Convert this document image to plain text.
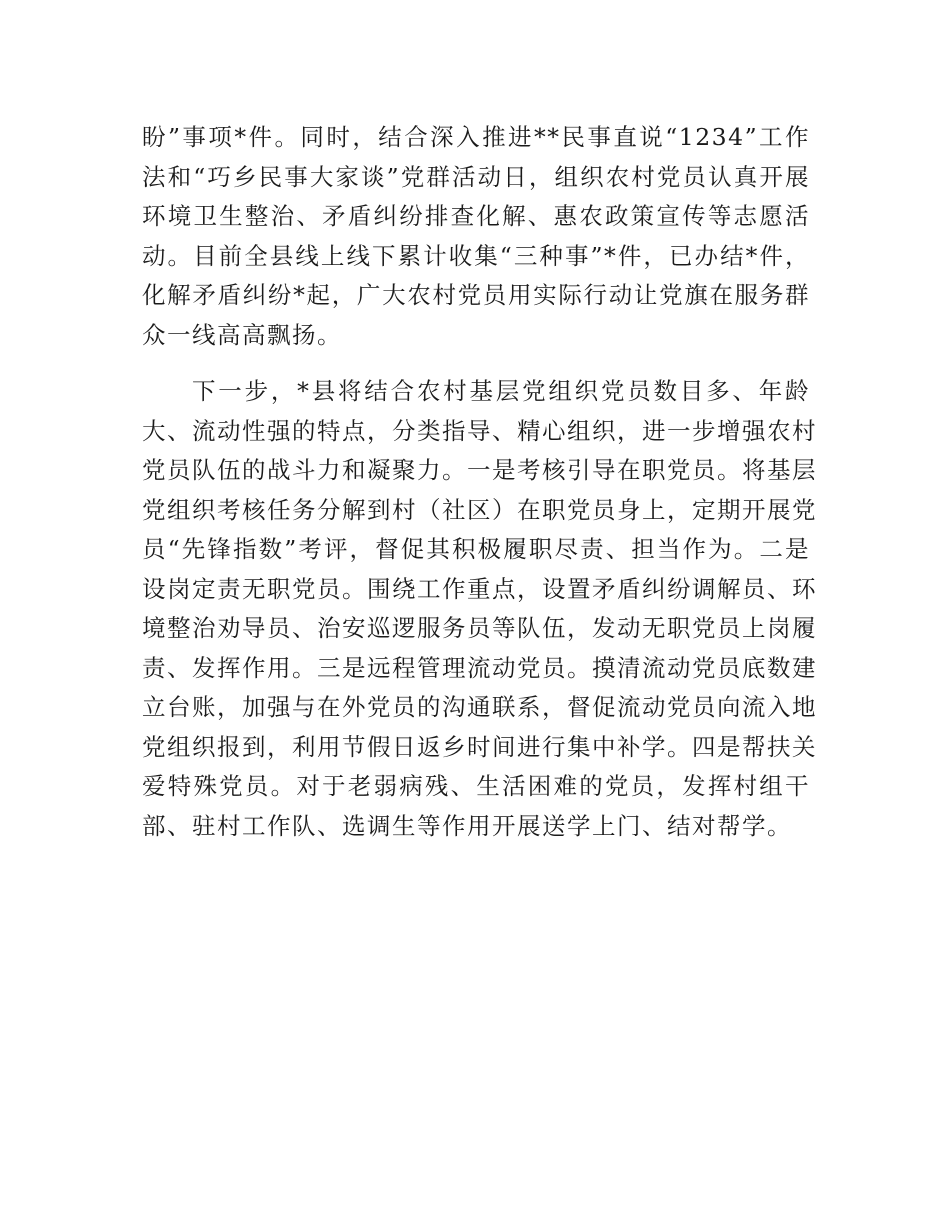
盼”事项*件。同时，结合深入推进**民事直说“1234”工作
法和“巧乡民事大家谈”党群活动日，组织农村党员认真开展
环境卫生整治、矛盾纠纷排查化解、惠农政策宣传等志愿活
动。目前全县线上线下累计收集“三种事”*件，已办结*件，
化解矛盾纠纷*起，广大农村党员用实际行动让党旗在服务群
众一线高高飘扬。
下一步，*县将结合农村基层党组织党员数目多、年龄
大、流动性强的特点，分类指导、精心组织，进一步增强农村
党员队伍的战斗力和凝聚力。一是考核引导在职党员。将基层
党组织考核任务分解到村（社区）在职党员身上，定期开展党
员“先锋指数”考评，督促其积极履职尽责、担当作为。二是
设岗定责无职党员。围绕工作重点，设置矛盾纠纷调解员、环
境整治劝导员、治安巡逻服务员等队伍，发动无职党员上岗履
责、发挥作用。三是远程管理流动党员。摸清流动党员底数建
立台账，加强与在外党员的沟通联系，督促流动党员向流入地
党组织报到，利用节假日返乡时间进行集中补学。四是帮扶关
爱特殊党员。对于老弱病残、生活困难的党员，发挥村组干
部、驻村工作队、选调生等作用开展送学上门、结对帮学。
